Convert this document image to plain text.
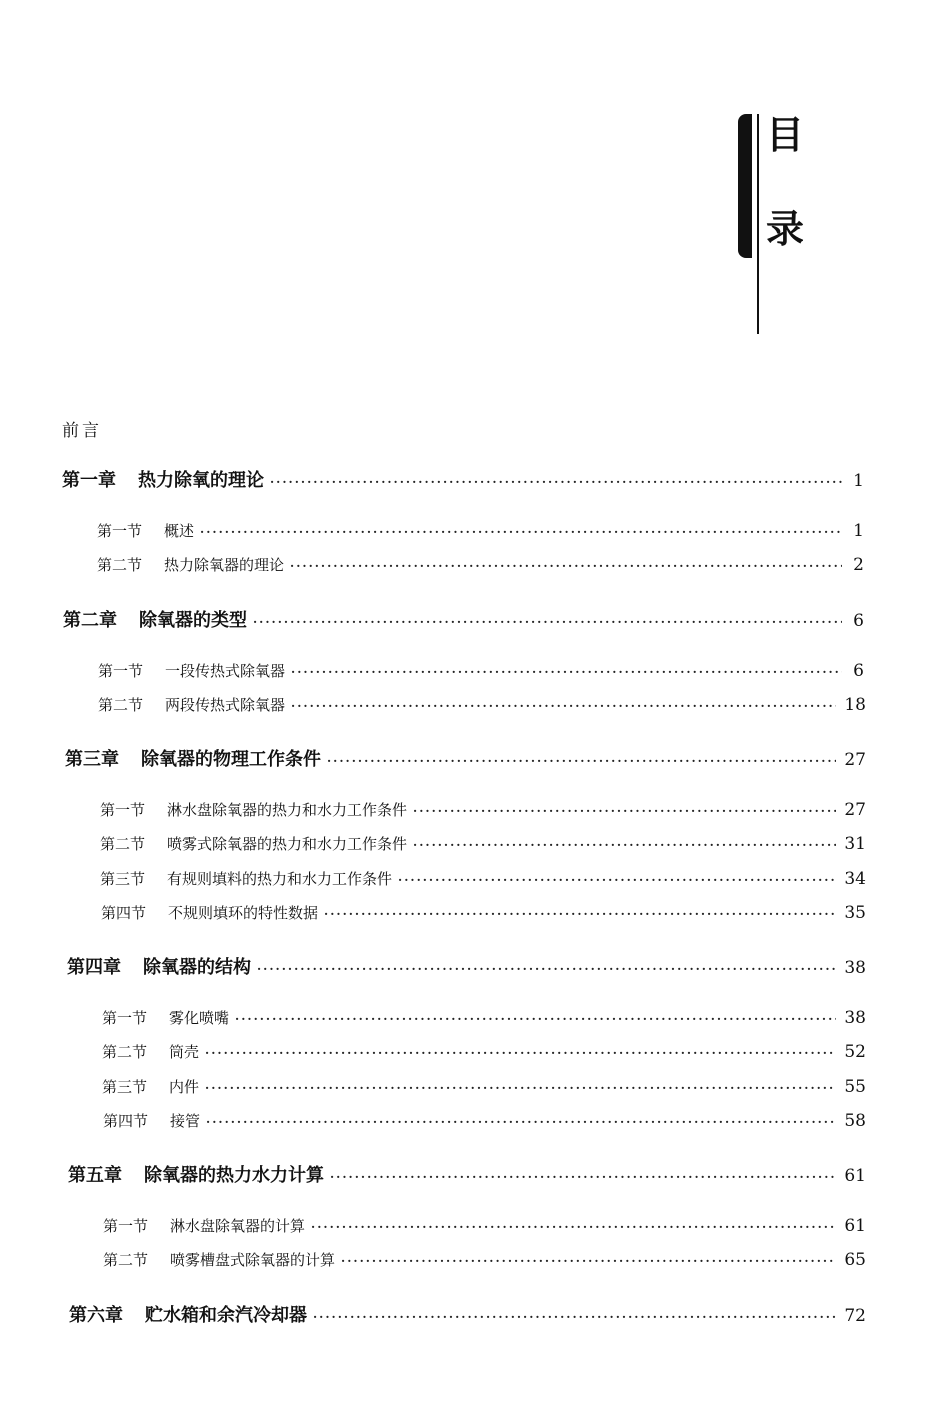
目
录
前言
第一章 热力除氧的理论 ·····	1
第一节 概述 ·····	1
第二节 热力除氧器的理论 ·····	2
第二章 除氧器的类型 ·····	6
第一节 一段传热式除氧器 ·····	6
第二节 两段传热式除氧器 ·····	18
第三章 除氧器的物理工作条件 ·····	27
第一节 淋水盘除氧器的热力和水力工作条件 ·····	27
第二节 喷雾式除氧器的热力和水力工作条件 ·····	31
第三节 有规则填料的热力和水力工作条件 ·····	34
第四节 不规则填环的特性数据 ·····	35
第四章 除氧器的结构 ·····	38
第一节 雾化喷嘴 ·····	38
第二节 筒壳 ·····	52
第三节 内件 ·····	55
第四节 接管 ·····	58
第五章 除氧器的热力水力计算 ·····	61
第一节 淋水盘除氧器的计算 ·····	61
第二节 喷雾槽盘式除氧器的计算 ·····	65
第六章 贮水箱和余汽冷却器 ·····	72
